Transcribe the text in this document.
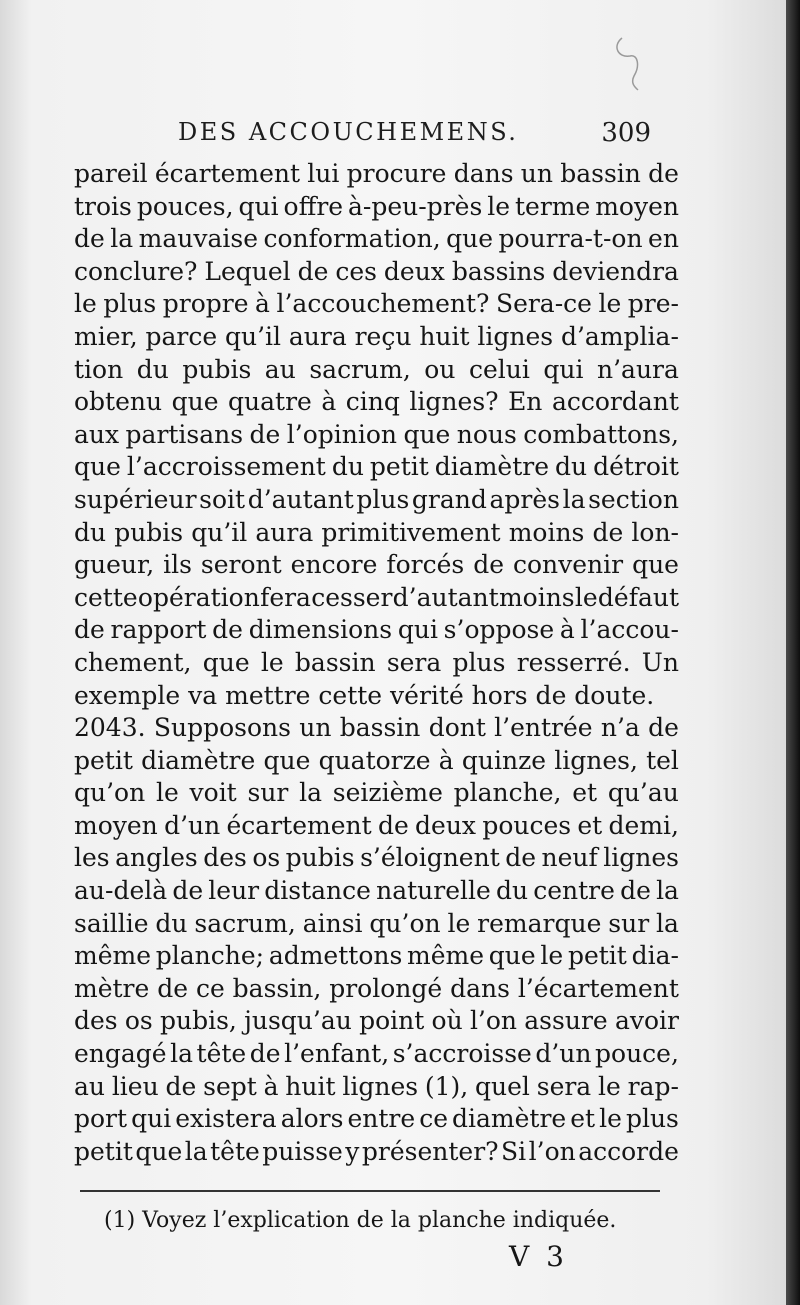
DES ACCOUCHEMENS.	309
pareil écartement lui procure dans un bassin de
trois pouces, qui offre à-peu-près le terme moyen
de la mauvaise conformation, que pourra-t-on en
conclure? Lequel de ces deux bassins deviendra
le plus propre à l’accouchement? Sera-ce le pre-
mier, parce qu’il aura reçu huit lignes d’amplia-
tion du pubis au sacrum, ou celui qui n’aura
obtenu que quatre à cinq lignes? En accordant
aux partisans de l’opinion que nous combattons,
que l’accroissement du petit diamètre du détroit
supérieur soit d’autant plus grand après la section
du pubis qu’il aura primitivement moins de lon-
gueur, ils seront encore forcés de convenir que
cette opération fera cesser d’autant moins le défaut
de rapport de dimensions qui s’oppose à l’accou-
chement, que le bassin sera plus resserré. Un
exemple va mettre cette vérité hors de doute.
2043. Supposons un bassin dont l’entrée n’a de
petit diamètre que quatorze à quinze lignes, tel
qu’on le voit sur la seizième planche, et qu’au
moyen d’un écartement de deux pouces et demi,
les angles des os pubis s’éloignent de neuf lignes
au-delà de leur distance naturelle du centre de la
saillie du sacrum, ainsi qu’on le remarque sur la
même planche; admettons même que le petit dia-
mètre de ce bassin, prolongé dans l’écartement
des os pubis, jusqu’au point où l’on assure avoir
engagé la tête de l’enfant, s’accroisse d’un pouce,
au lieu de sept à huit lignes (1), quel sera le rap-
port qui existera alors entre ce diamètre et le plus
petit que la tête puisse y présenter? Si l’on accorde
(1) Voyez l’explication de la planche indiquée.
V 3
